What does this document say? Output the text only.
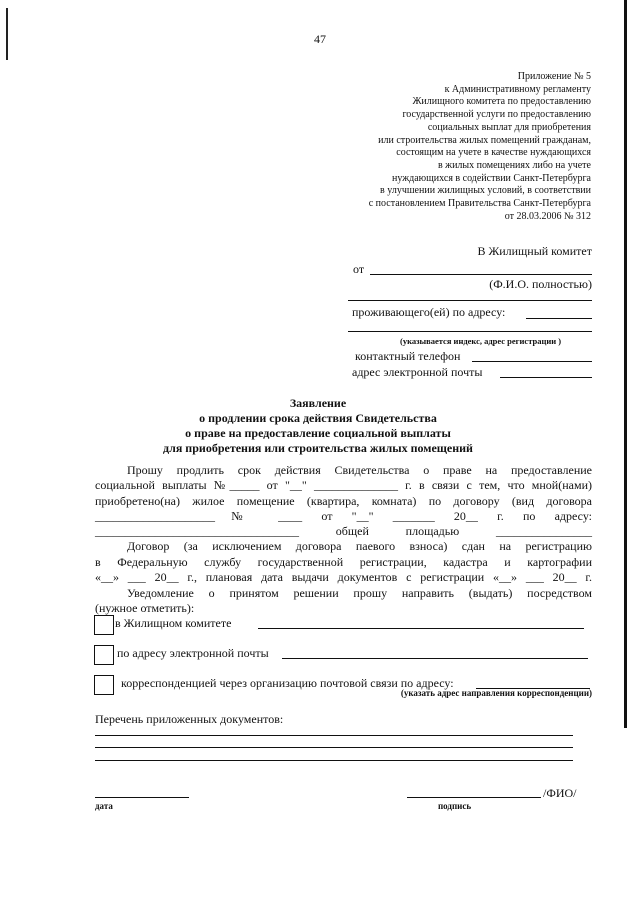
47
Приложение № 5
к Административному регламенту
Жилищного комитета по предоставлению
государственной услуги по предоставлению
социальных выплат для приобретения
или строительства жилых помещений гражданам,
состоящим на учете в качестве нуждающихся
в жилых помещениях либо на учете
нуждающихся в содействии Санкт-Петербурга
в улучшении жилищных условий, в соответствии
с постановлением Правительства Санкт-Петербурга
от 28.03.2006 № 312
В Жилищный комитет
от
(Ф.И.О. полностью)
проживающего(ей) по адресу:
(указывается индекс, адрес регистрации )
контактный телефон
адрес электронной почты
Заявление
о продлении срока действия Свидетельства
о праве на предоставление социальной выплаты
для приобретения или строительства жилых помещений
Прошу продлить срок действия Свидетельства о праве на предоставление
социальной выплаты №_____ от "__" ______________ г. в связи с тем, что мной(нами)
приобретено(на) жилое помещение (квартира, комната) по договору (вид договора
____________________№ ____ от "__" _______ 20__ г. по адресу:
__________________________________ общей площадью ________________
Договор (за исключением договора паевого взноса) сдан на регистрацию
в Федеральную службу государственной регистрации, кадастра и картографии
«__» ___ 20__ г., плановая дата выдачи документов с регистрации «__» ___ 20__ г.
Уведомление о принятом решении прошу направить (выдать) посредством
(нужное отметить):
в Жилищном комитете
по адресу электронной почты
корреспонденцией через организацию почтовой связи по адресу:
(указать адрес направления корреспонденции)
Перечень приложенных документов:
/ФИО/
дата	подпись
